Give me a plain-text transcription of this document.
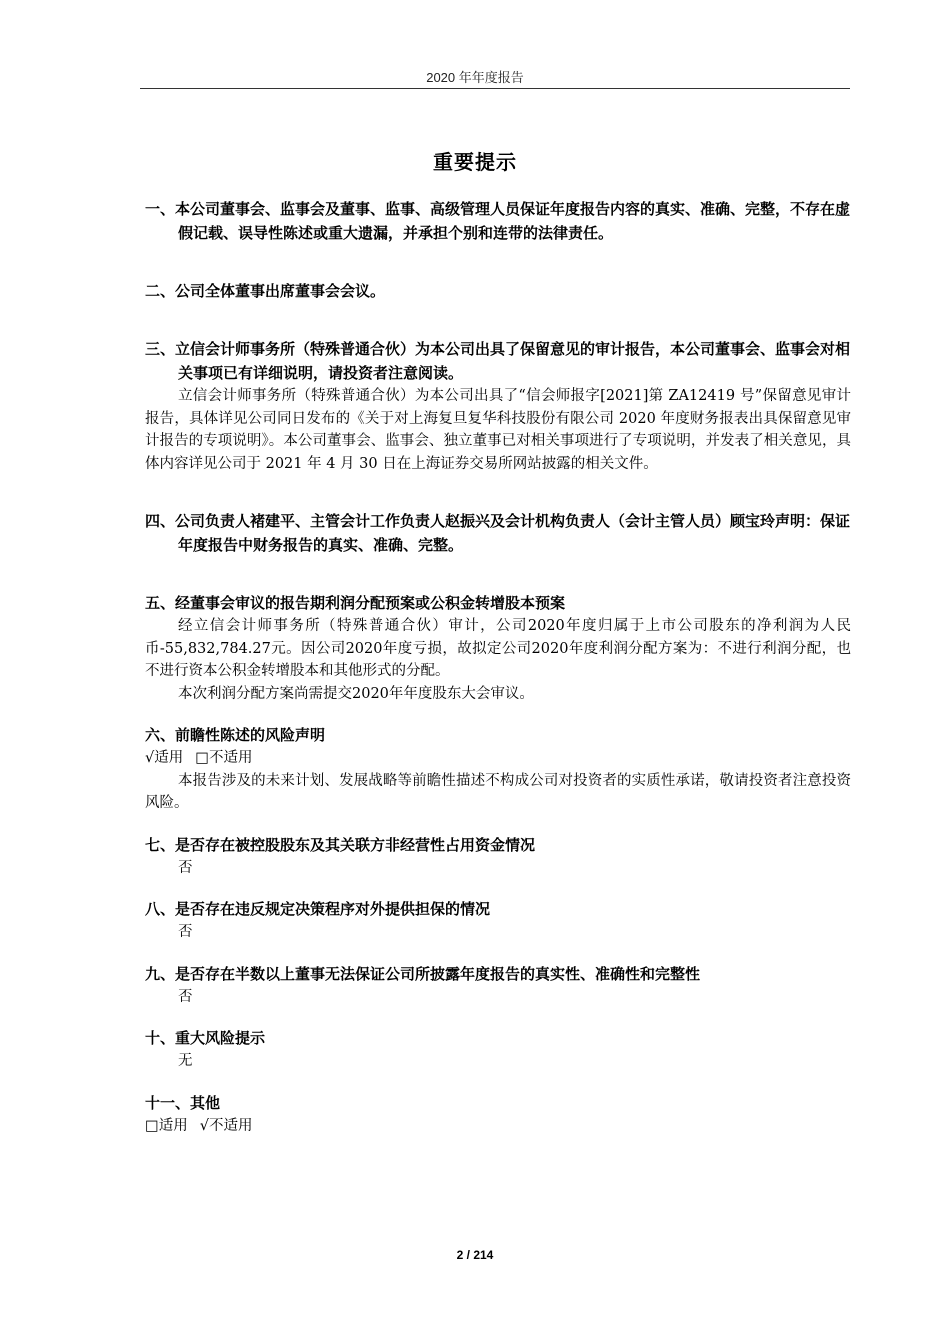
2020 年年度报告
重要提示
一、本公司董事会、监事会及董事、监事、高级管理人员保证年度报告内容的真实、准确、完整，不存在虚假记载、误导性陈述或重大遗漏，并承担个别和连带的法律责任。
二、公司全体董事出席董事会会议。
三、立信会计师事务所（特殊普通合伙）为本公司出具了保留意见的审计报告，本公司董事会、监事会对相关事项已有详细说明，请投资者注意阅读。
立信会计师事务所（特殊普通合伙）为本公司出具了“信会师报字[2021]第 ZA12419 号”保留意见审计报告，具体详见公司同日发布的《关于对上海复旦复华科技股份有限公司 2020 年度财务报表出具保留意见审计报告的专项说明》。本公司董事会、监事会、独立董事已对相关事项进行了专项说明，并发表了相关意见，具体内容详见公司于 2021 年 4 月 30 日在上海证券交易所网站披露的相关文件。
四、公司负责人褚建平、主管会计工作负责人赵振兴及会计机构负责人（会计主管人员）顾宝玲声明：保证年度报告中财务报告的真实、准确、完整。
五、经董事会审议的报告期利润分配预案或公积金转增股本预案
经立信会计师事务所（特殊普通合伙）审计，公司2020年度归属于上市公司股东的净利润为人民币-55,832,784.27元。因公司2020年度亏损，故拟定公司2020年度利润分配方案为：不进行利润分配，也不进行资本公积金转增股本和其他形式的分配。
本次利润分配方案尚需提交2020年年度股东大会审议。
六、前瞻性陈述的风险声明
√适用 □不适用
本报告涉及的未来计划、发展战略等前瞻性描述不构成公司对投资者的实质性承诺，敬请投资者注意投资风险。
七、是否存在被控股股东及其关联方非经营性占用资金情况
否
八、是否存在违反规定决策程序对外提供担保的情况
否
九、是否存在半数以上董事无法保证公司所披露年度报告的真实性、准确性和完整性
否
十、重大风险提示
无
十一、其他
□适用 √不适用
2 / 214
